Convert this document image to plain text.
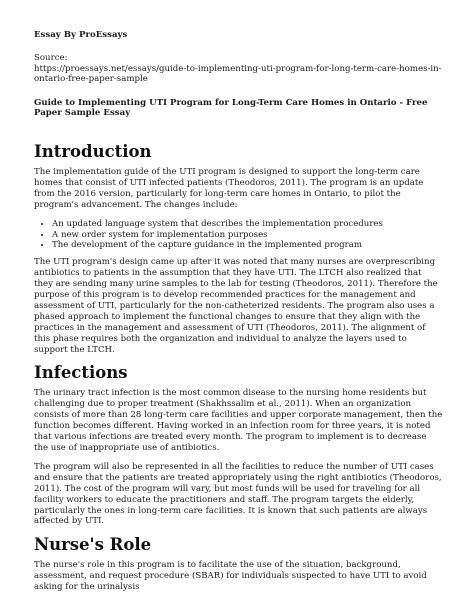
Essay By ProEssays
Source:
https://proessays.net/essays/guide-to-implementing-uti-program-for-long-term-care-homes-in-ontario-free-paper-sample
Guide to Implementing UTI Program for Long-Term Care Homes in Ontario - Free Paper Sample Essay
Introduction

The implementation guide of the UTI program is designed to support the long-term care homes that consist of UTI infected patients (Theodoros, 2011). The program is an update from the 2016 version, particularly for long-term care homes in Ontario, to pilot the program's advancement. The changes include:

• An updated language system that describes the implementation procedures
• A new order system for implementation purposes
• The development of the capture guidance in the implemented program

The UTI program's design came up after it was noted that many nurses are overprescribing antibiotics to patients in the assumption that they have UTI. The LTCH also realized that they are sending many urine samples to the lab for testing (Theodoros, 2011). Therefore the purpose of this program is to develop recommended practices for the management and assessment of UTI, particularly for the non-catheterized residents. The program also uses a phased approach to implement the functional changes to ensure that they align with the practices in the management and assessment of UTI (Theodoros, 2011). The alignment of this phase requires both the organization and individual to analyze the layers used to support the LTCH.

Infections

The urinary tract infection is the most common disease to the nursing home residents but challenging due to proper treatment (Shakhssalim et al., 2011). When an organization consists of more than 28 long-term care facilities and upper corporate management, then the function becomes different. Having worked in an infection room for three years, it is noted that various infections are treated every month. The program to implement is to decrease the use of inappropriate use of antibiotics.

The program will also be represented in all the facilities to reduce the number of UTI cases and ensure that the patients are treated appropriately using the right antibiotics (Theodoros, 2011). The cost of the program will vary, but most funds will be used for traveling for all facility workers to educate the practitioners and staff. The program targets the elderly, particularly the ones in long-term care facilities. It is known that such patients are always affected by UTI.

Nurse's Role

The nurse's role in this program is to facilitate the use of the situation, background, assessment, and request procedure (SBAR) for individuals suspected to have UTI to avoid asking for the urinalysis
